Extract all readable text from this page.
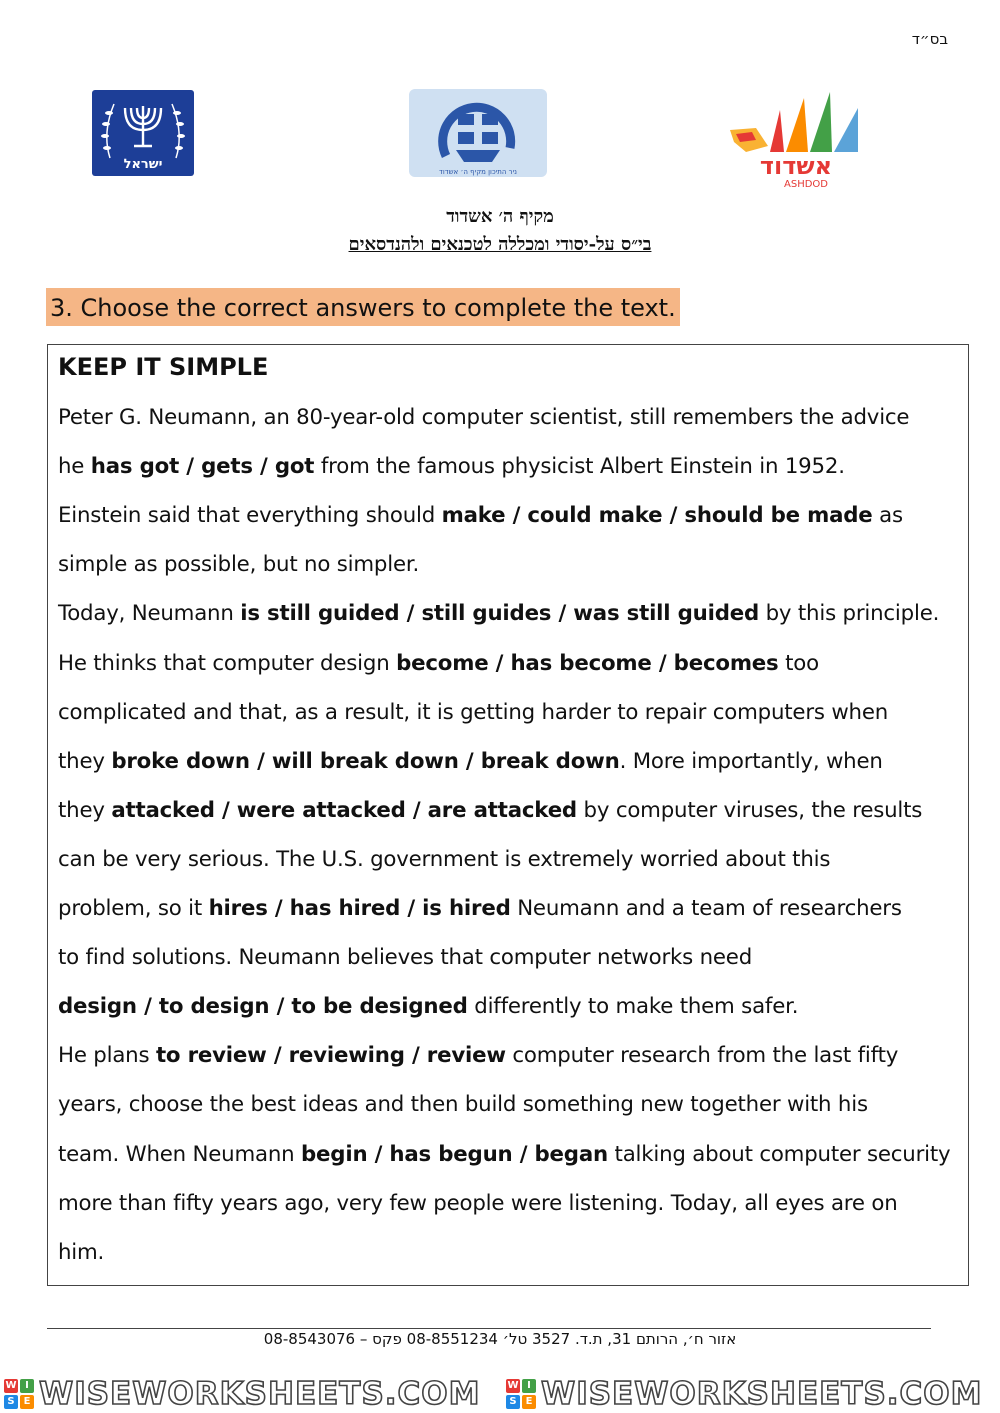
בס״ד
ישראל	ניר התיכון מקיף ה׳ אשדוד	אשדוד
ASHDOD
מקיף ה׳ אשדוד
בי״ס על-יסודי ומכללה לטכנאים ולהנדסאים
3. Choose the correct answers to complete the text.
KEEP IT SIMPLE
Peter G. Neumann, an 80-year-old computer scientist, still remembers the advice
he has got / gets / got from the famous physicist Albert Einstein in 1952.
Einstein said that everything should make / could make / should be made as
simple as possible, but no simpler.
Today, Neumann is still guided / still guides / was still guided by this principle.
He thinks that computer design become / has become / becomes too
complicated and that, as a result, it is getting harder to repair computers when
they broke down / will break down / break down. More importantly, when
they attacked / were attacked / are attacked by computer viruses, the results
can be very serious. The U.S. government is extremely worried about this
problem, so it hires / has hired / is hired Neumann and a team of researchers
to find solutions. Neumann believes that computer networks need
design / to design / to be designed differently to make them safer.
He plans to review / reviewing / review computer research from the last fifty
years, choose the best ideas and then build something new together with his
team. When Neumann begin / has begun / began talking about computer security
more than fifty years ago, very few people were listening. Today, all eyes are on
him.
אזור ח׳, הרותם 31, ת.ד. 3527 טל׳ 08-8551234 פקס – 08-8543076
W I
S E WISEWORKSHEETS.COM	W I
S E WISEWORKSHEETS.COM
